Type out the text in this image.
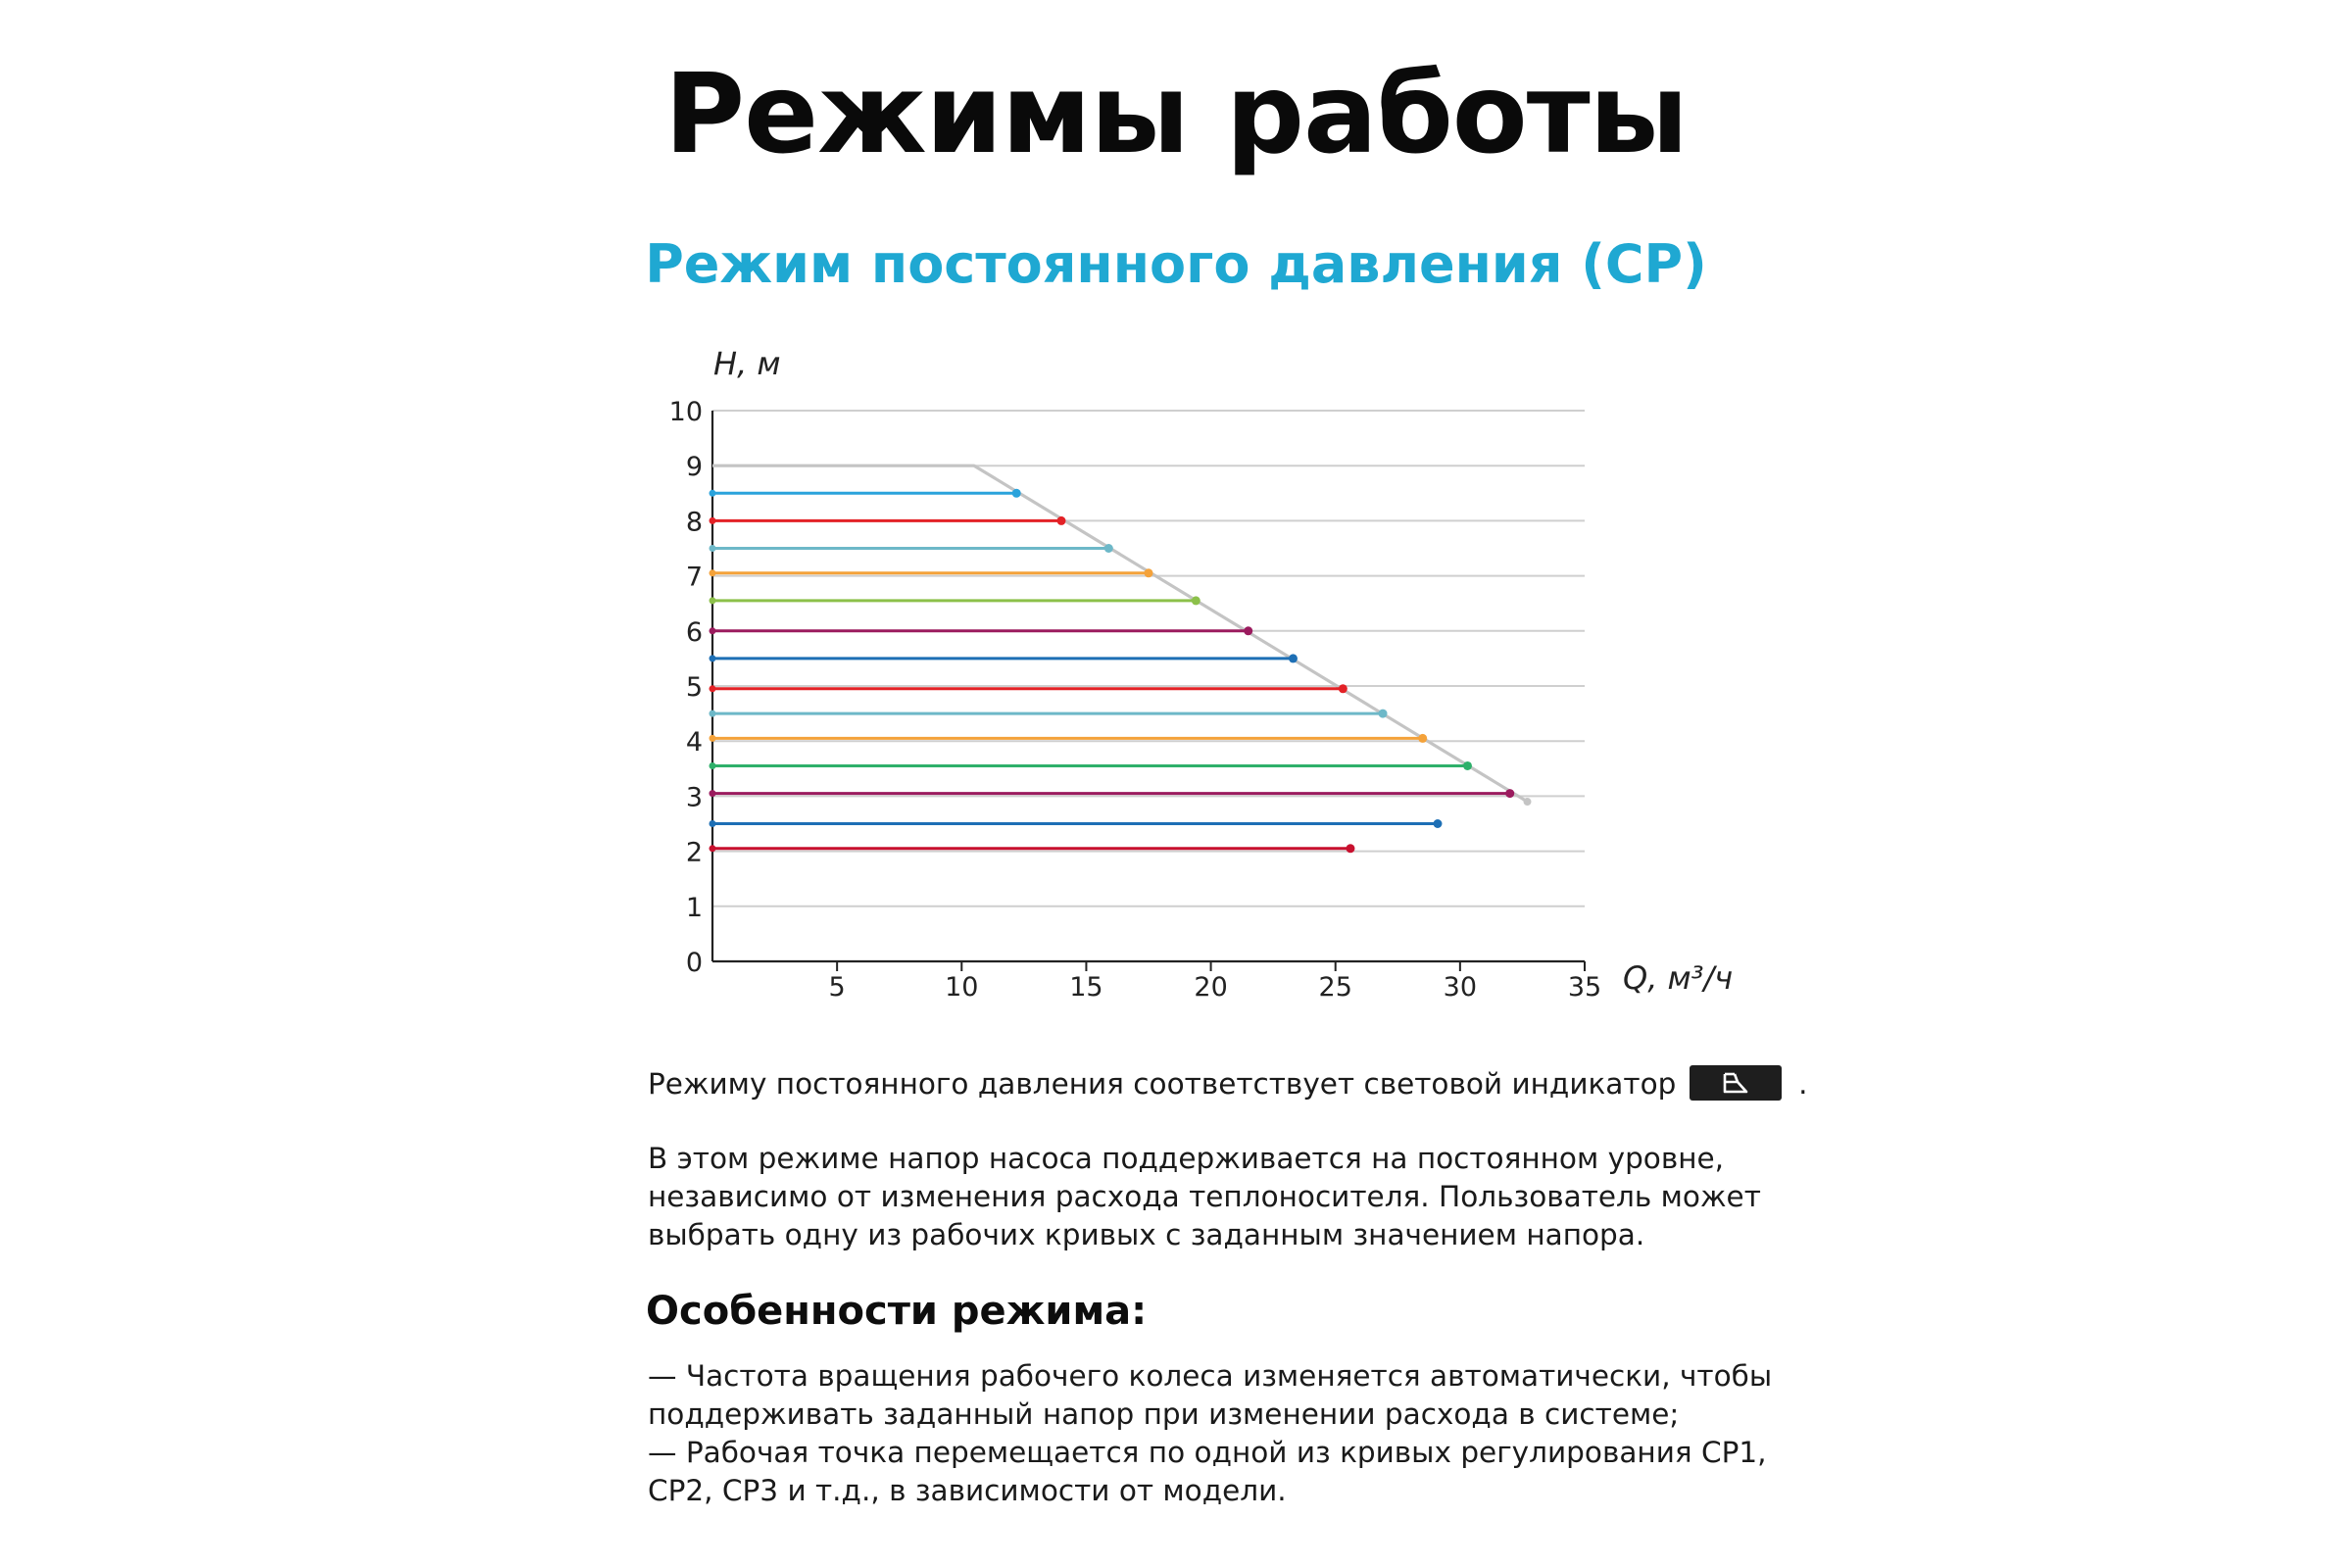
Режимы работы
Режим постоянного давления (СР)
0
1
2
3
4
5
6
7
8
9
10
5	10	15	20	25	30	35
H, м
Q, м³/ч
Режиму постоянного давления соответствует световой индикатор	.
В этом режиме напор насоса поддерживается на постоянном уровне,
независимо от изменения расхода теплоносителя. Пользователь может
выбрать одну из рабочих кривых с заданным значением напора.
Особенности режима:
— Частота вращения рабочего колеса изменяется автоматически, чтобы
поддерживать заданный напор при изменении расхода в системе;
— Рабочая точка перемещается по одной из кривых регулирования СР1,
СР2, СР3 и т.д., в зависимости от модели.
